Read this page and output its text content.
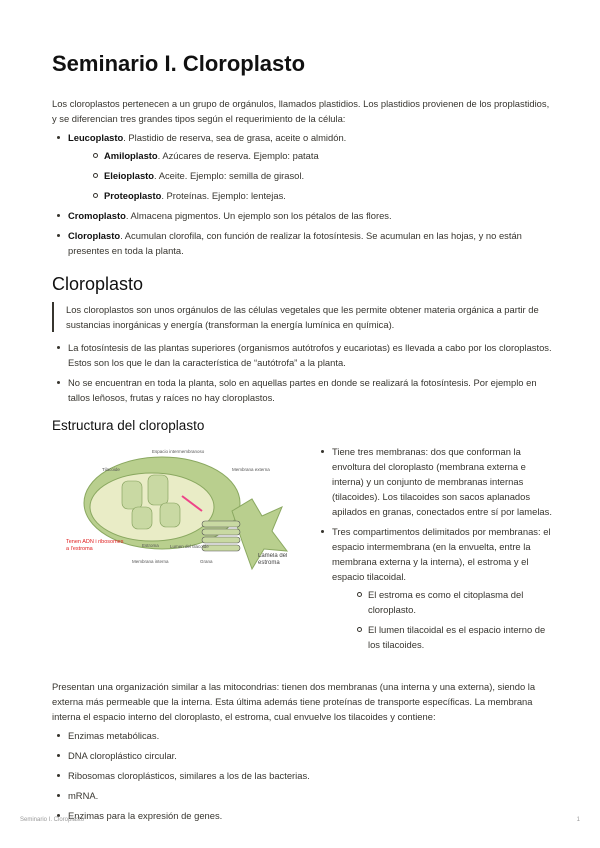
Seminario I. Cloroplasto

Los cloroplastos pertenecen a un grupo de orgánulos, llamados plastidios. Los plastidios provienen de los proplastidios, y se diferencian tres grandes tipos según el requerimiento de la célula:

Leucoplasto. Plastidio de reserva, sea de grasa, aceite o almidón.
Amiloplasto. Azúcares de reserva. Ejemplo: patata
Eleioplasto. Aceite. Ejemplo: semilla de girasol.
Proteoplasto. Proteínas. Ejemplo: lentejas.
Cromoplasto. Almacena pigmentos. Un ejemplo son los pétalos de las flores.
Cloroplasto. Acumulan clorofila, con función de realizar la fotosíntesis. Se acumulan en las hojas, y no están presentes en toda la planta.
Cloroplasto
Los cloroplastos son unos orgánulos de las células vegetales que les permite obtener materia orgánica a partir de sustancias inorgánicas y energía (transforman la energía lumínica en química).
La fotosíntesis de las plantas superiores (organismos autótrofos y eucariotas) es llevada a cabo por los cloroplastos. Estos son los que le dan la característica de “autótrofa” a la planta.
No se encuentran en toda la planta, solo en aquellas partes en donde se realizará la fotosíntesis. Por ejemplo en tallos leñosos, frutas y raíces no hay cloroplastos.
Estructura del cloroplasto
Tilacoide
Espacio intermembranoso
Membrana externa
Estroma
Membrana interna
Lumen del tilacoide
Grana
Lamela del estroma
Tenen ADN i ribosomes a l'estroma
Tiene tres membranas: dos que conforman la envoltura del cloroplasto (membrana externa e interna) y un conjunto de membranas internas (tilacoides). Los tilacoides son sacos aplanados apilados en granas, conectados entre sí por lamelas.
Tres compartimentos delimitados por membranas: el espacio intermembrana (en la envuelta, entre la membrana externa y la interna), el estroma y el espacio tilacoidal.
El estroma es como el citoplasma del cloroplasto.
El lumen tilacoidal es el espacio interno de los tilacoides.

Presentan una organización similar a las mitocondrias: tienen dos membranas (una interna y una externa), siendo la externa más permeable que la interna. Esta última además tiene proteínas de transporte específicas. La membrana interna el espacio interno del cloroplasto, el estroma, cual envuelve los tilacoides y contiene:

Enzimas metabólicas.
DNA cloroplástico circular.
Ribosomas cloroplásticos, similares a los de las bacterias.
mRNA.
Enzimas para la expresión de genes.
Seminario I. Cloroplasto	1
